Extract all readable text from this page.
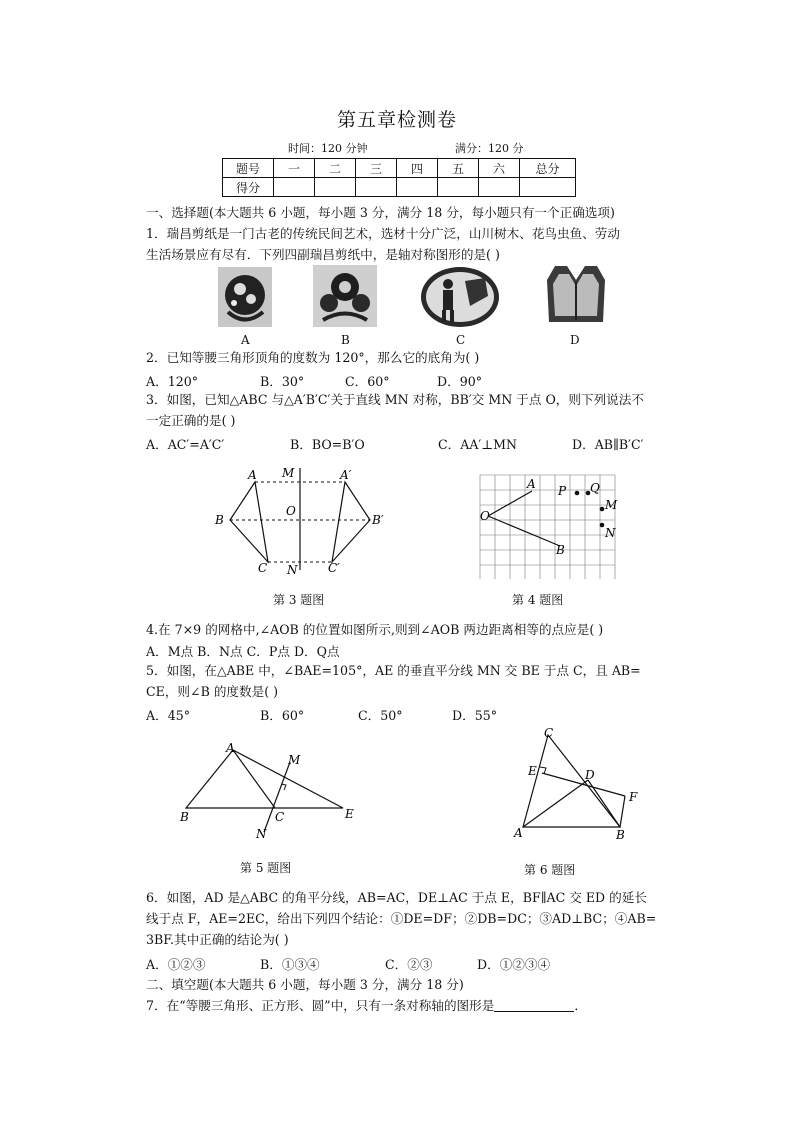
第五章检测卷
时间：120 分钟	满分：120 分
题号	一	二	三	四	五	六	总分
得分							
一、选择题(本大题共 6 小题，每小题 3 分，满分 18 分，每小题只有一个正确选项)
1．瑞昌剪纸是一门古老的传统民间艺术，选材十分广泛，山川树木、花鸟虫鱼、劳动
生活场景应有尽有．下列四副瑞昌剪纸中，是轴对称图形的是( )
A	B	C	D
2．已知等腰三角形顶角的度数为 120°，那么它的底角为( )
A．120°	B．30°	C．60°	D．90°
3．如图，已知△ABC 与△A′B′C′关于直线 MN 对称，BB′交 MN 于点 O，则下列说法不
一定正确的是( )
A．AC′=A′C′	B．BO=B′O	C．AA′⊥MN	D．AB∥B′C′
A M	A′
B
O
B′
C N	C′
第 3 题图
A P Q
M
O
N
B
第 4 题图
4.在 7×9 的网格中,∠AOB 的位置如图所示,则到∠AOB 两边距离相等的点应是( )
A．M点 B．N点 C．P点 D．Q点
5．如图，在△ABE 中，∠BAE=105°，AE 的垂直平分线 MN 交 BE 于点 C，且 AB=
CE，则∠B 的度数是( )
A．45°	B．60°	C．50°	D．55°
A
M
B	C	E
N
第 5 题图
C
E	D
F
A	B
第 6 题图
6．如图，AD 是△ABC 的角平分线，AB=AC，DE⊥AC 于点 E，BF∥AC 交 ED 的延长
线于点 F，AE=2EC，给出下列四个结论：①DE=DF；②DB=DC；③AD⊥BC；④AB=
3BF.其中正确的结论为( )
A．①②③	B．①③④	C．②③	D．①②③④
二、填空题(本大题共 6 小题，每小题 3 分，满分 18 分)
7．在“等腰三角形、正方形、圆”中，只有一条对称轴的图形是	．
